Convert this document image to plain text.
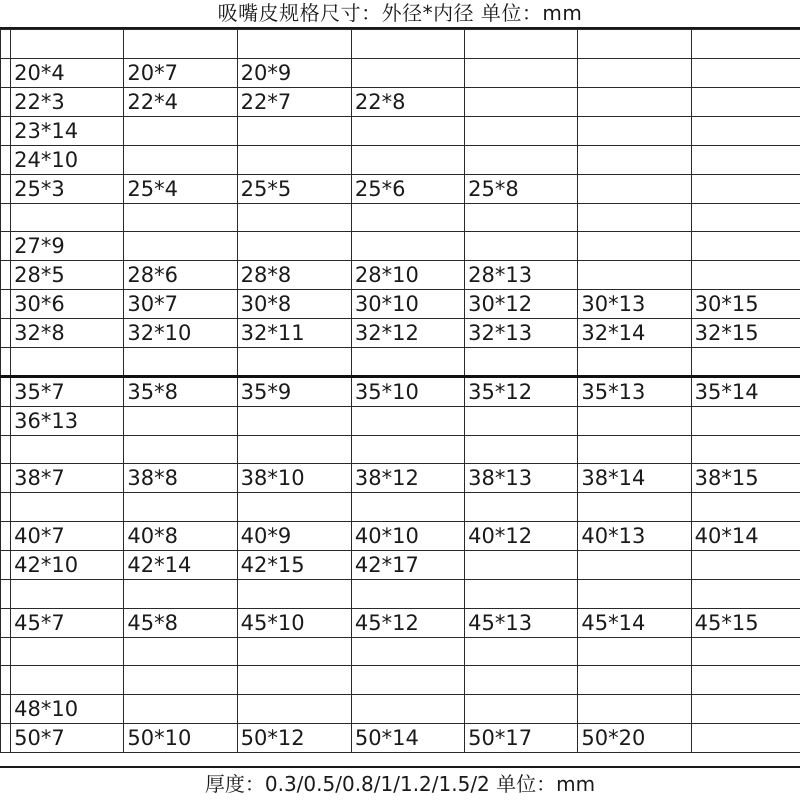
吸嘴皮规格尺寸：外径*内径 单位：mm

	20*4	20*7	20*9				
	22*3	22*4	22*7	22*8			
	23*14						
	24*10						
	25*3	25*4	25*5	25*6	25*8		

	27*9						
	28*5	28*6	28*8	28*10	28*13		
	30*6	30*7	30*8	30*10	30*12	30*13	30*15
	32*8	32*10	32*11	32*12	32*13	32*14	32*15

	35*7	35*8	35*9	35*10	35*12	35*13	35*14
	36*13						

	38*7	38*8	38*10	38*12	38*13	38*14	38*15

	40*7	40*8	40*9	40*10	40*12	40*13	40*14
	42*10	42*14	42*15	42*17			

	45*7	45*8	45*10	45*12	45*13	45*14	45*15

	48*10						
	50*7	50*10	50*12	50*14	50*17	50*20	
厚度：0.3/0.5/0.8/1/1.2/1.5/2 单位：mm
